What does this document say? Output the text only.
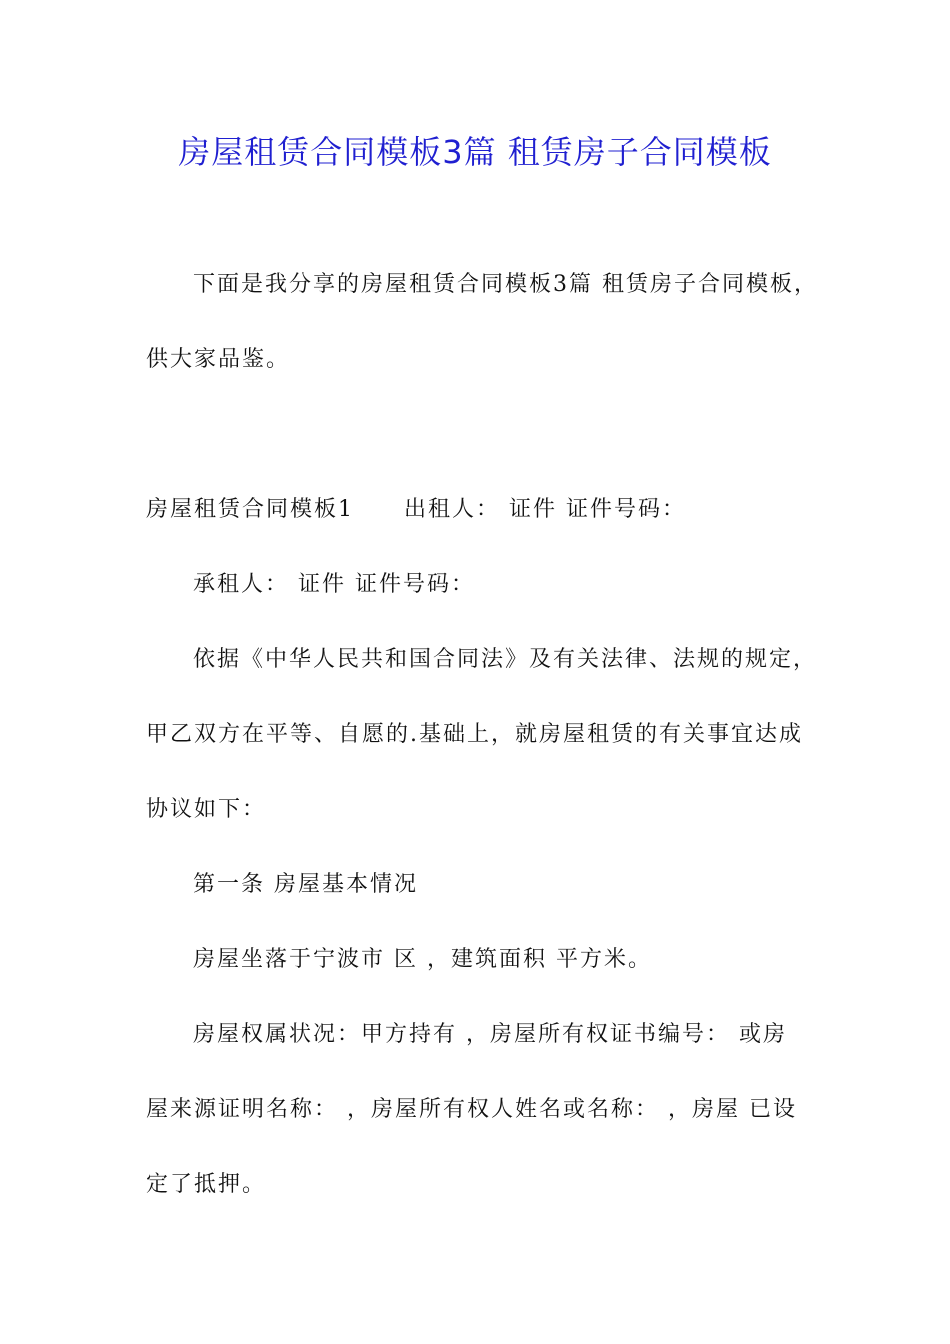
房屋租赁合同模板3篇 租赁房子合同模板
下面是我分享的房屋租赁合同模板3篇 租赁房子合同模板，
供大家品鉴。
房屋租赁合同模板1 出租人： 证件 证件号码：
承租人： 证件 证件号码：
依据《中华人民共和国合同法》及有关法律、法规的规定，
甲乙双方在平等、自愿的.基础上，就房屋租赁的有关事宜达成
协议如下：
第一条 房屋基本情况
房屋坐落于宁波市 区 ，建筑面积 平方米。
房屋权属状况：甲方持有 ，房屋所有权证书编号： 或房
屋来源证明名称： ，房屋所有权人姓名或名称： ，房屋 已设
定了抵押。
